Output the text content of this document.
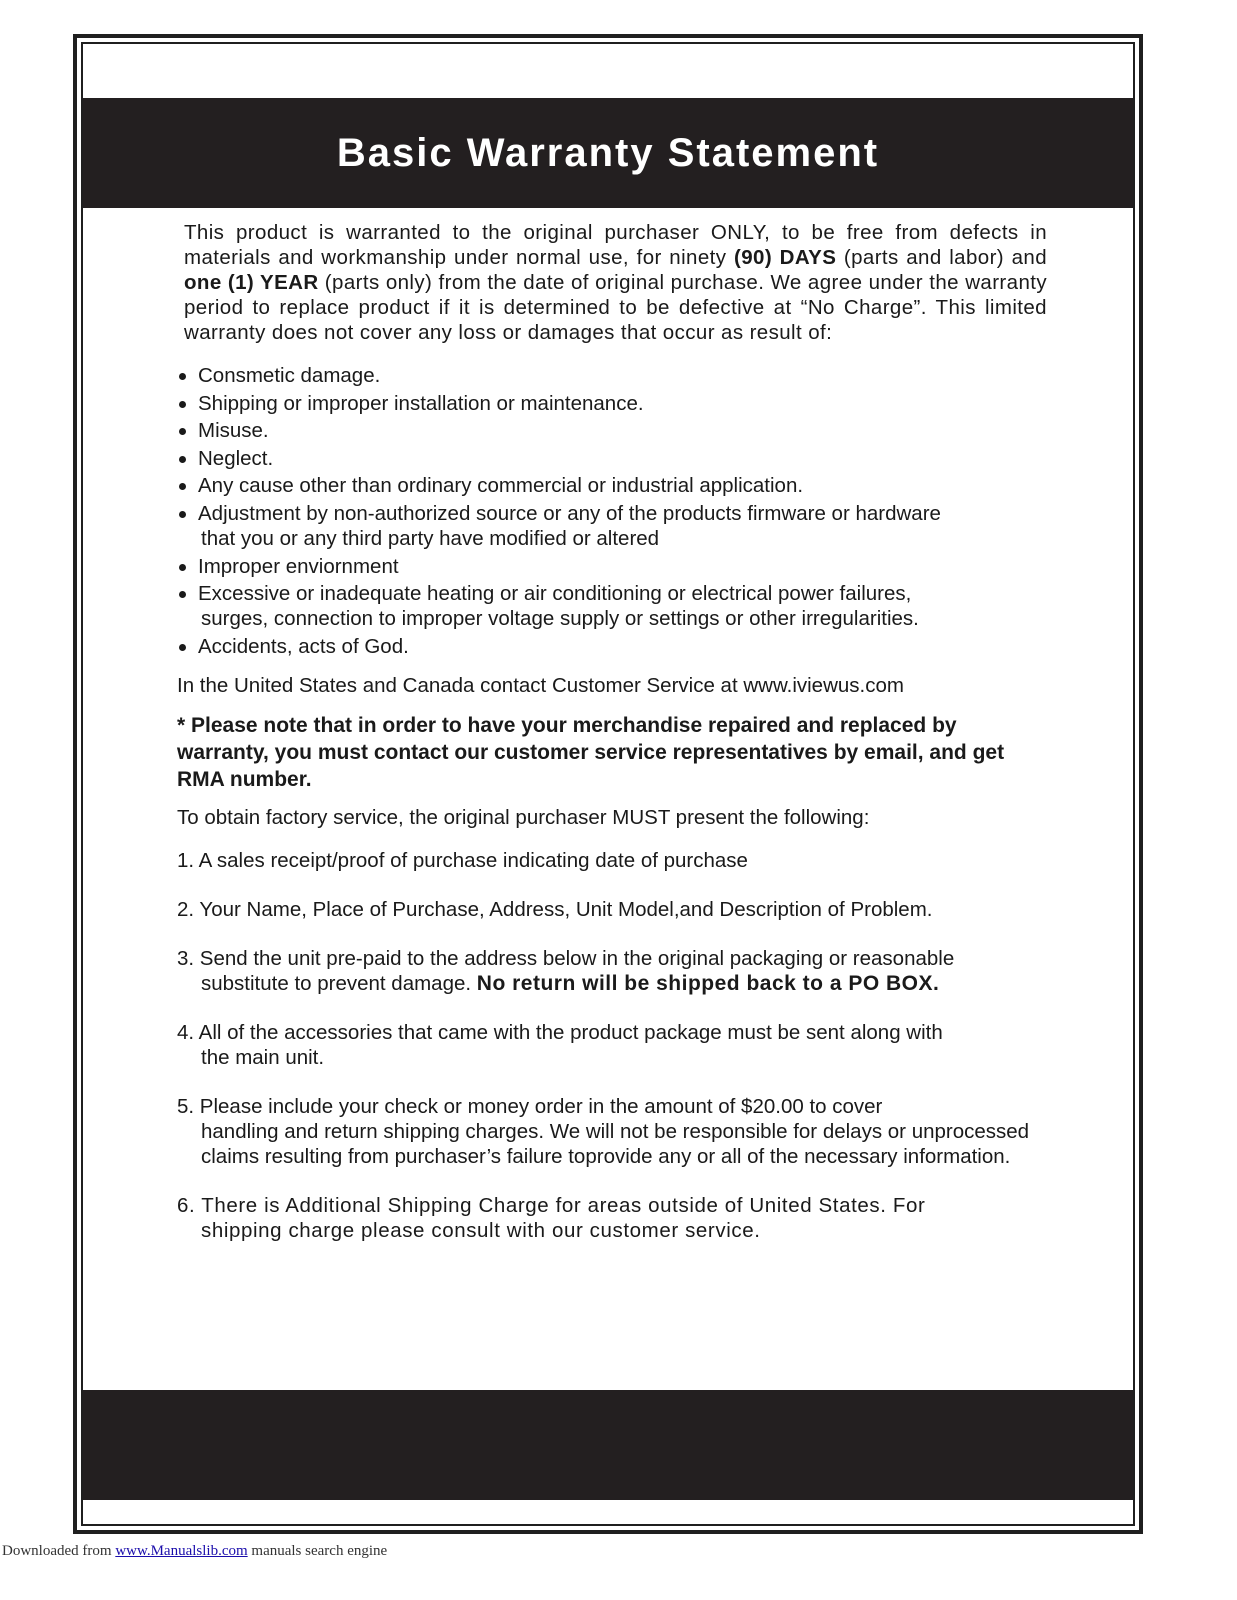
Basic Warranty Statement

This product is warranted to the original purchaser ONLY, to be free from defects in materials and workmanship under normal use, for ninety (90) DAYS (parts and labor) and one (1) YEAR (parts only) from the date of original purchase. We agree under the warranty period to replace product if it is determined to be defective at “No Charge”. This limited warranty does not cover any loss or damages that occur as result of:

Consmetic damage.
Shipping or improper installation or maintenance.
Misuse.
Neglect.
Any cause other than ordinary commercial or industrial application.
Adjustment by non-authorized source or any of the products firmware or hardware
that you or any third party have modified or altered
Improper enviornment
Excessive or inadequate heating or air conditioning or electrical power failures,
surges, connection to improper voltage supply or settings or other irregularities.
Accidents, acts of God.
In the United States and Canada contact Customer Service at www.iviewus.com
* Please note that in order to have your merchandise repaired and replaced by warranty, you must contact our customer service representatives by email, and get RMA number.
To obtain factory service, the original purchaser MUST present the following:
1. A sales receipt/proof of purchase indicating date of purchase
2. Your Name, Place of Purchase, Address, Unit Model,and Description of Problem.
3. Send the unit pre-paid to the address below in the original packaging or reasonable
substitute to prevent damage. No return will be shipped back to a PO BOX.
4. All of the accessories that came with the product package must be sent along with
the main unit.
5. Please include your check or money order in the amount of $20.00 to cover
handling and return shipping charges. We will not be responsible for delays or unprocessed claims resulting from purchaser’s failure toprovide any or all of the necessary information.
6. There is Additional Shipping Charge for areas outside of United States. For
shipping charge please consult with our customer service.
Downloaded from www.Manualslib.com manuals search engine
